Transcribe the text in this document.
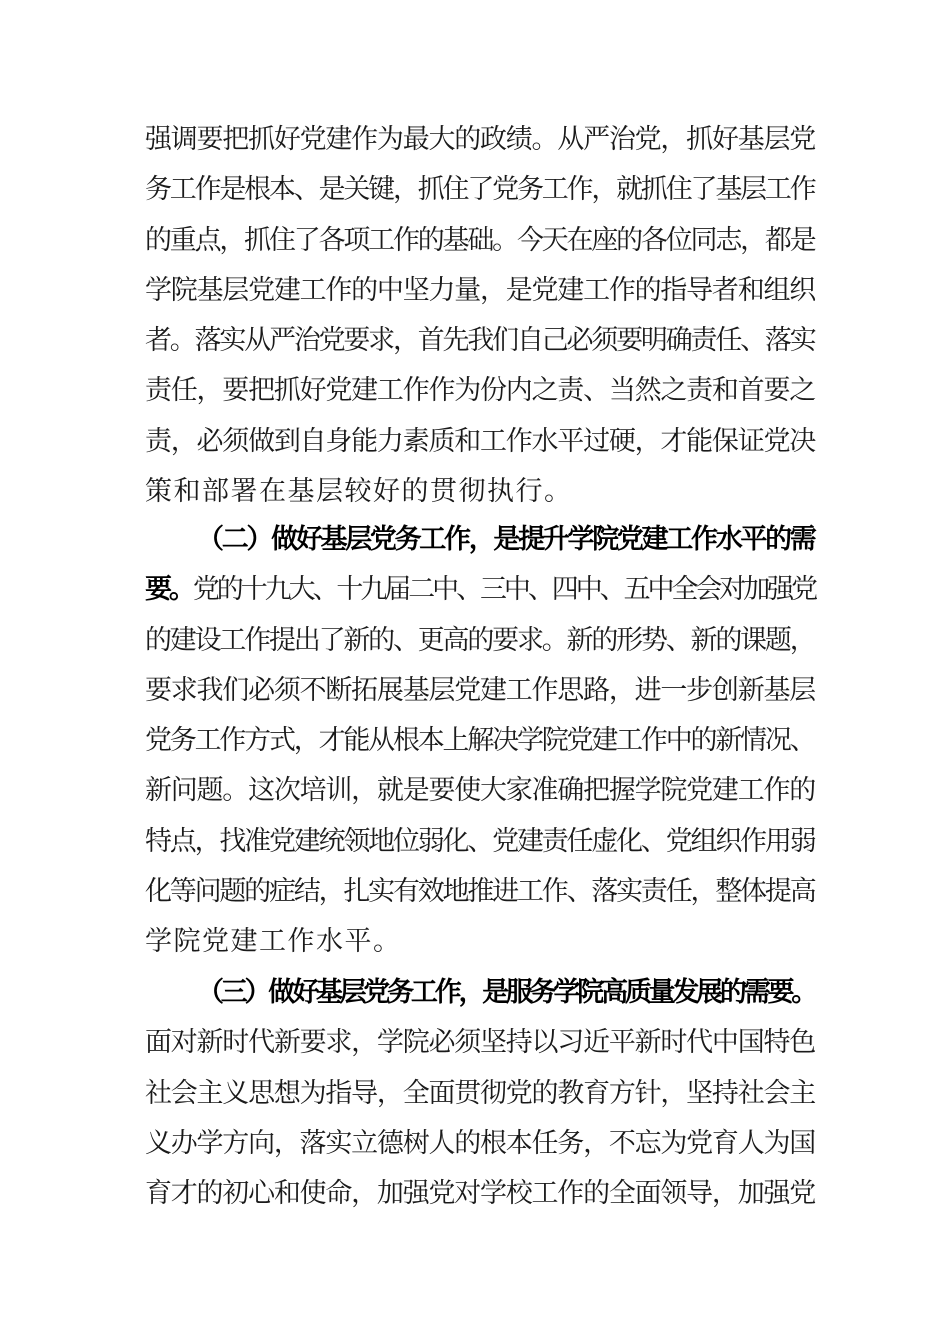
强调要把抓好党建作为最大的政绩。从严治党，抓好基层党
务工作是根本、是关键，抓住了党务工作，就抓住了基层工作
的重点，抓住了各项工作的基础。今天在座的各位同志，都是
学院基层党建工作的中坚力量，是党建工作的指导者和组织
者。落实从严治党要求，首先我们自己必须要明确责任、落实
责任，要把抓好党建工作作为份内之责、当然之责和首要之
责，必须做到自身能力素质和工作水平过硬，才能保证党决
策和部署在基层较好的贯彻执行。
（二）做好基层党务工作，是提升学院党建工作水平的需
要。党的十九大、十九届二中、三中、四中、五中全会对加强党
的建设工作提出了新的、更高的要求。新的形势、新的课题，
要求我们必须不断拓展基层党建工作思路，进一步创新基层
党务工作方式，才能从根本上解决学院党建工作中的新情况、
新问题。这次培训，就是要使大家准确把握学院党建工作的
特点，找准党建统领地位弱化、党建责任虚化、党组织作用弱
化等问题的症结，扎实有效地推进工作、落实责任，整体提高
学院党建工作水平。
（三）做好基层党务工作，是服务学院高质量发展的需要。
面对新时代新要求，学院必须坚持以习近平新时代中国特色
社会主义思想为指导，全面贯彻党的教育方针，坚持社会主
义办学方向，落实立德树人的根本任务，不忘为党育人为国
育才的初心和使命，加强党对学校工作的全面领导，加强党
